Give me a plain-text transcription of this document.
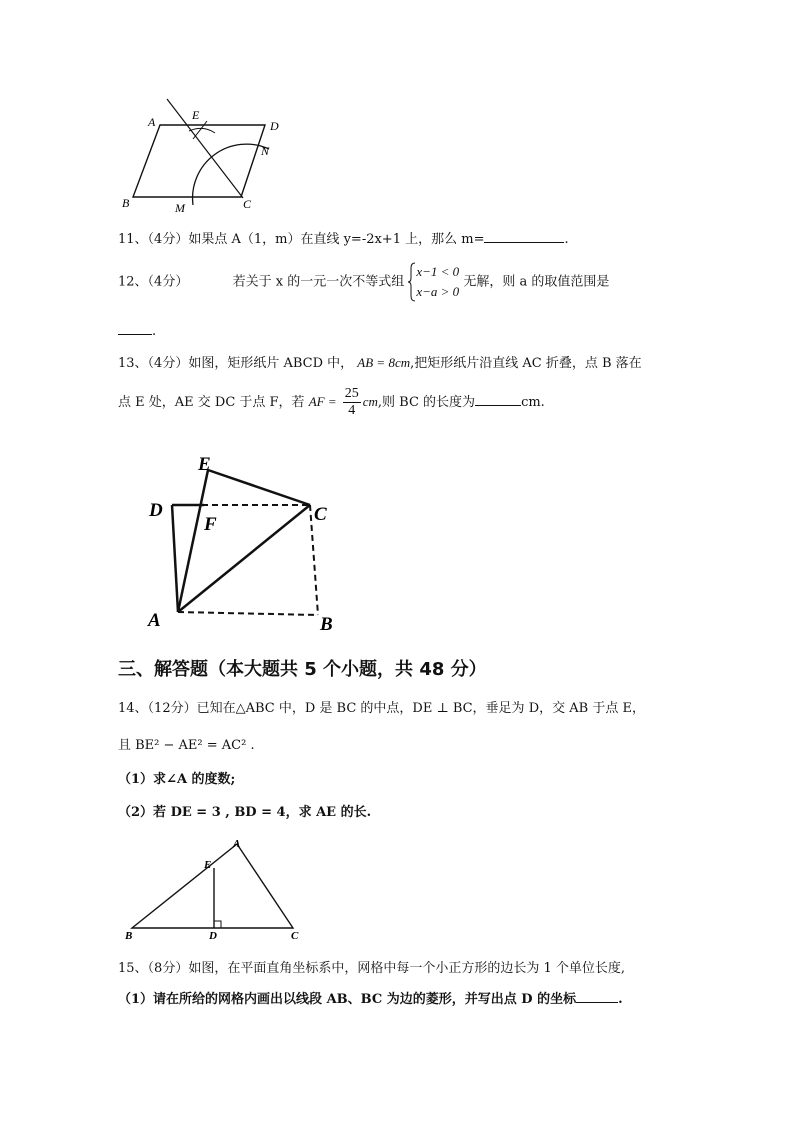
A	E
D
N
B	M	C
11、（4分）如果点 A（1，m）在直线 y=-2x+1 上，那么 m=	.
12、（4分）	若关于 x 的一元一次不等式组
x−1 < 0
x−a > 0
无解，则 a 的取值范围是
.
13、（4分）如图，矩形纸片 ABCD 中， AB = 8cm,把矩形纸片沿直线 AC 折叠，点 B 落在
点 E 处，AE 交 DC 于点 F，若 AF = $\frac{25}{4}$ cm,则 BC 的长度为	cm.
E
D
F	C
A	B
三、解答题（本大题共 5 个小题，共 48 分）
14、（12分）已知在△ABC 中，D 是 BC 的中点，DE ⊥ BC，垂足为 D，交 AB 于点 E，
且 BE² − AE² = AC² .
（1）求∠A 的度数;
（2）若 DE = 3 , BD = 4，求 AE 的长.
A
E
B	D	C
15、（8分）如图，在平面直角坐标系中，网格中每一个小正方形的边长为 1 个单位长度,
（1）请在所给的网格内画出以线段 AB、BC 为边的菱形，并写出点 D 的坐标	.
